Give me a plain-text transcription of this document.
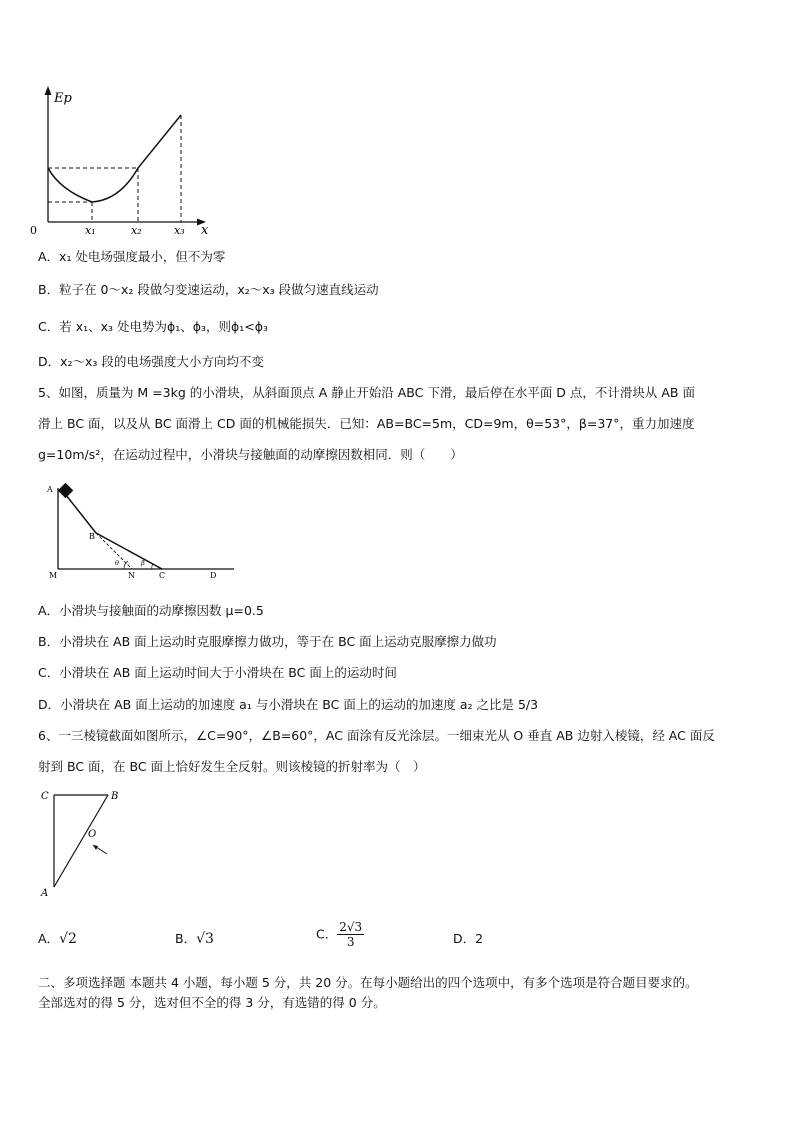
Ep
x
0	x₁	x₂	x₃
A．x₁ 处电场强度最小，但不为零
B．粒子在 0～x₂ 段做匀变速运动，x₂～x₃ 段做匀速直线运动
C．若 x₁、x₃ 处电势为ϕ₁、ϕ₃，则ϕ₁<ϕ₃
D．x₂～x₃ 段的电场强度大小方向均不变
5、如图，质量为 M =3kg 的小滑块，从斜面顶点 A 静止开始沿 ABC 下滑，最后停在水平面 D 点，不计滑块从 AB 面
滑上 BC 面，以及从 BC 面滑上 CD 面的机械能损失．已知：AB=BC=5m，CD=9m，θ=53°，β=37°，重力加速度
g=10m/s²，在运动过程中，小滑块与接触面的动摩擦因数相同．则（　　）
A
B
M	N	C	D
θ	β
A．小滑块与接触面的动摩擦因数 μ=0.5
B．小滑块在 AB 面上运动时克服摩擦力做功，等于在 BC 面上运动克服摩擦力做功
C．小滑块在 AB 面上运动时间大于小滑块在 BC 面上的运动时间
D．小滑块在 AB 面上运动的加速度 a₁ 与小滑块在 BC 面上的运动的加速度 a₂ 之比是 5/3
6、一三棱镜截面如图所示，∠C=90°，∠B=60°，AC 面涂有反光涂层。一细束光从 O 垂直 AB 边射入棱镜，经 AC 面反
射到 BC 面，在 BC 面上恰好发生全反射。则该棱镜的折射率为（　）
C	B
O
A
A．√2	B．√3	C． $\frac{2√3}{3}$	D．2
二、多项选择题 本题共 4 小题，每小题 5 分，共 20 分。在每小题给出的四个选项中，有多个选项是符合题目要求的。
全部选对的得 5 分，选对但不全的得 3 分，有选错的得 0 分。
